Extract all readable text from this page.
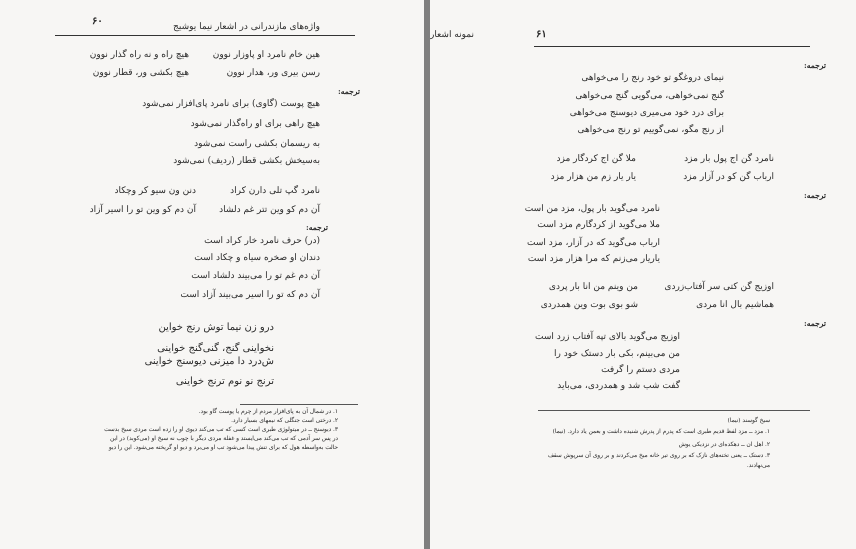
۶۰	واژه‌های مازندرانی در اشعار نیما یوشیج
هین خام نامرد او پاوزار نوون
هیچ راه و نه راه گذار نوون
رسن بیری ور، هدار نوون
هیچ بکشی ور، قطار نوون
ترجمه:
هیچ پوست (گاوی) برای نامرد پای‌افزار نمی‌شود
هیچ راهی برای او راه‌گذار نمی‌شود
به ریسمان بکشی راست نمی‌شود
به‌سیخش بکشی قطار (ردیف) نمی‌شود
نامرد گپ تلی دارن کراد
دنن ون سیو کر وچکاد
آن دم کو وین تتر غم دلشاد
آن دم کو وین تو را اسیر آزاد
ترجمه:
(در) حرف نامرد خار کراد است
دندان او صخره سیاه و چکاد است
آن دم غم تو را می‌بیند دلشاد است
آن دم که تو را اسیر می‌بیند آزاد است
درو زن نیما توش رنج خواین
نخواینی گنج، گنی‌گنج خواینی
ش‌درد دا میزنی دیوسنج خواینی
ترنج نو نوم ترنج خواینی
۱. در شمال آن به پای‌افزار مردم از چرم یا پوست گاو بود.
۲. درختی است جنگلی که نیمهای بسیار دارد.
۳. دیوسنج ــ در میتولوژی طبری است کسی که تب می‌کند دیوی او را زده است مردی سیخ بدست
در پس سر آدمی که تب می‌کند می‌ایستد و غفلة مردی دیگر با چوب نه سیخ او (می‌کوبد) در این
حالت به‌واسطه هول که برای تنش پیدا می‌شود تب او می‌برد و دیو او گریخته می‌شود. این را دیو
نمونه اشعار	۶۱
ترجمه:
نیمای دروغگو تو خود رنج را می‌خواهی
گنج نمی‌خواهی، می‌گویی گنج می‌خواهی
برای درد خود می‌میری دیوسنج می‌خواهی
از رنج مگو، نمی‌گوییم تو رنج می‌خواهی
نامرد گن اج پول بار مزد
ملا گن اج کردگار مزد
ارباب گن کو در آزار مزد
یار یار زم من هزار مزد
ترجمه:
نامرد می‌گوید بار پول، مزد من است
ملا می‌گوید از کردگارم مزد است
ارباب می‌گوید که در آزار، مزد است
یاریار می‌زنم که مرا هزار مزد است
اوزیج گن کتی سر آفتاب‌زردی
من وینم من انا بار پردی
هماشیم بال انا مردی
شو بوی بوت وین همدردی
ترجمه:
اوزیج می‌گوید بالای تپه آفتاب زرد است
من می‌بینم، بکی بار دستک خود را
مردی دستم را گرفت
گفت شب شد و همدردی، می‌باید
سیخ گوسند (نیما)
۱. مزد ــ مزد لفظ قدیم طبری است که پدرم از پدرش شنیده داشت و بعمن یاد دارد. (نیما)
۲. اهل ان ــ دهکده‌ای در نزدیکی یوش
۳. دستک ــ یعنی تخته‌های نازک که بر روی تیر خانه میخ می‌کردند و بر روی آن سرپوش سقف
می‌نهادند.
